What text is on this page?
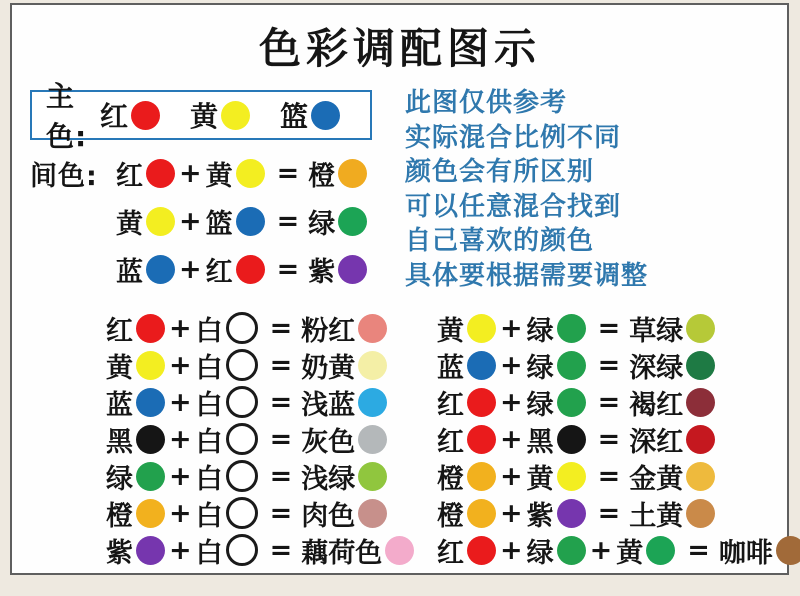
色彩调配图示
主色:
红 黄 篮
间色: 红 + 黄 = 橙
黄 + 篮 = 绿
蓝 + 红 = 紫
此图仅供参考
实际混合比例不同
颜色会有所区别
可以任意混合找到
自己喜欢的颜色
具体要根据需要调整
红 + 白 = 粉红
黄 + 白 = 奶黄
蓝 + 白 = 浅蓝
黑 + 白 = 灰色
绿 + 白 = 浅绿
橙 + 白 = 肉色
紫 + 白 = 藕荷色
黄 + 绿 = 草绿
蓝 + 绿 = 深绿
红 + 绿 = 褐红
红 + 黑 = 深红
橙 + 黄 = 金黄
橙 + 紫 = 土黄
红 + 绿 + 黄 = 咖啡
